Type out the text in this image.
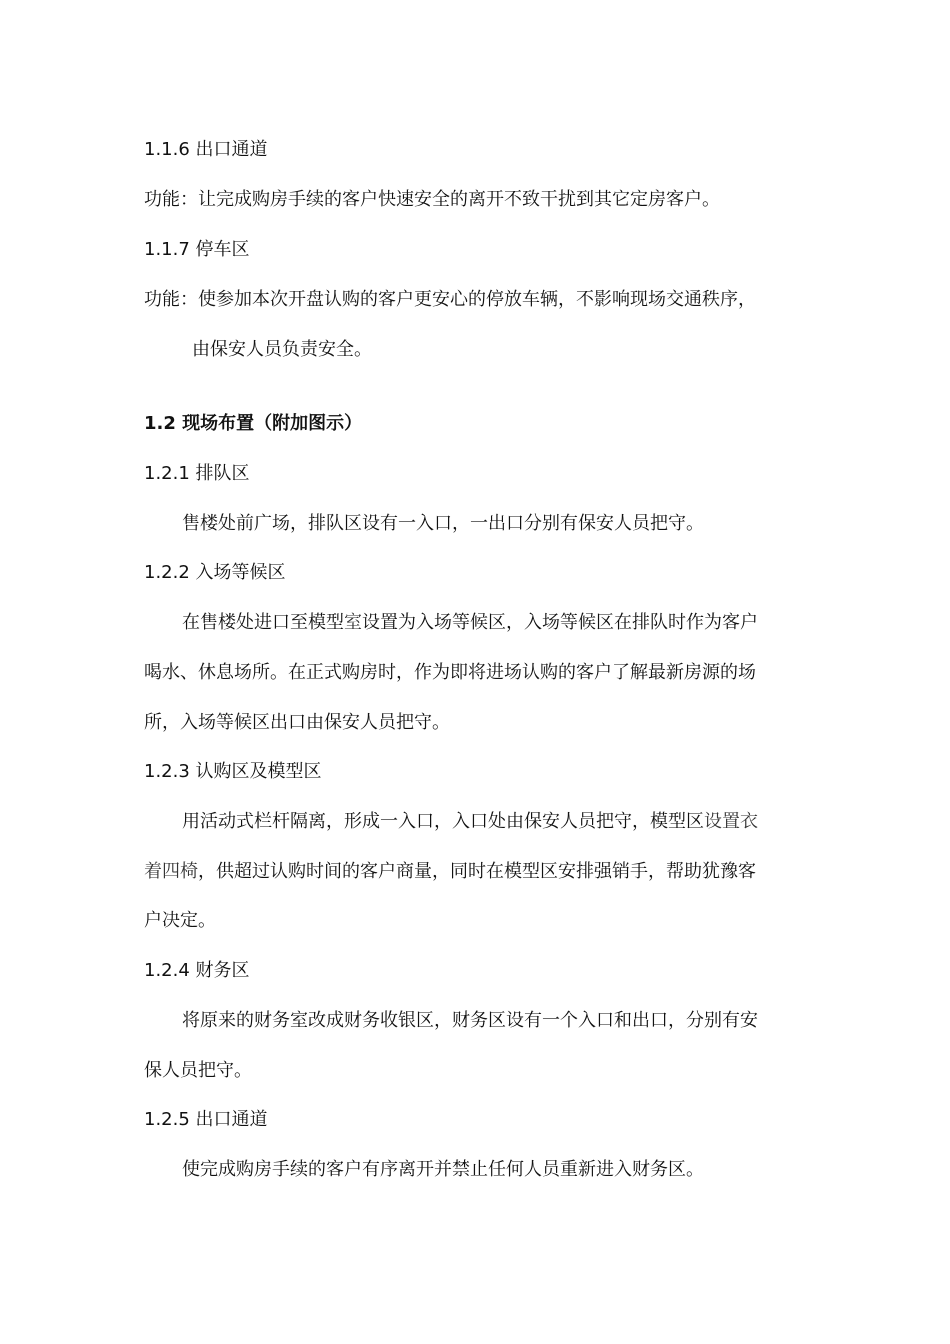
1.1.6 出口通道

功能：让完成购房手续的客户快速安全的离开不致干扰到其它定房客户。

1.1.7 停车区

功能：使参加本次开盘认购的客户更安心的停放车辆，不影响现场交通秩序，

由保安人员负责安全。

1.2 现场布置（附加图示）

1.2.1 排队区

售楼处前广场，排队区设有一入口，一出口分别有保安人员把守。

1.2.2 入场等候区

在售楼处进口至模型室设置为入场等候区，入场等候区在排队时作为客户

喝水、休息场所。在正式购房时，作为即将进场认购的客户了解最新房源的场

所，入场等候区出口由保安人员把守。

1.2.3 认购区及模型区

用活动式栏杆隔离，形成一入口，入口处由保安人员把守，模型区设置衣

着四椅，供超过认购时间的客户商量，同时在模型区安排强销手，帮助犹豫客

户决定。

1.2.4 财务区

将原来的财务室改成财务收银区，财务区设有一个入口和出口，分别有安

保人员把守。

1.2.5 出口通道

使完成购房手续的客户有序离开并禁止任何人员重新进入财务区。
